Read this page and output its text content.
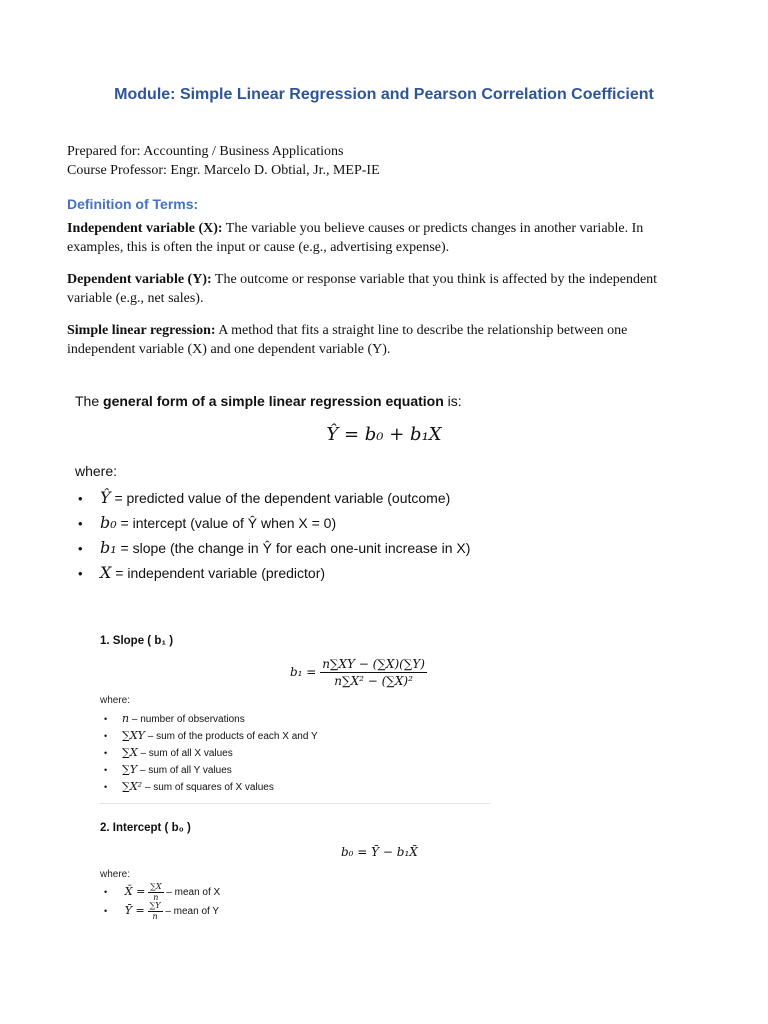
Module: Simple Linear Regression and Pearson Correlation Coefficient
Prepared for: Accounting / Business Applications
Course Professor: Engr. Marcelo D. Obtial, Jr., MEP-IE
Definition of Terms:
Independent variable (X): The variable you believe causes or predicts changes in another variable. In examples, this is often the input or cause (e.g., advertising expense).
Dependent variable (Y): The outcome or response variable that you think is affected by the independent variable (e.g., net sales).
Simple linear regression: A method that fits a straight line to describe the relationship between one independent variable (X) and one dependent variable (Y).
The general form of a simple linear regression equation is:
Ŷ = b₀ + b₁X
where:
• Ŷ = predicted value of the dependent variable (outcome)
• b₀ = intercept (value of Ŷ when X = 0)
• b₁ = slope (the change in Ŷ for each one-unit increase in X)
• X = independent variable (predictor)
1. Slope ( b₁ )
$b_1 = \frac{n\sum XY - (\sum X)(\sum Y)}{\text{n∑X² − (∑X)²}}$
where:
• n – number of observations
• ∑XY – sum of the products of each X and Y
• ∑X – sum of all X values
• ∑Y – sum of all Y values
• ∑X² – sum of squares of X values
2. Intercept ( b₀ )
b₀ = Ȳ − b₁X̄
where:
• X̄ = $\frac{\sum X}{n}$ – mean of X
• Ȳ = $\frac{\sum Y}{n}$ – mean of Y
